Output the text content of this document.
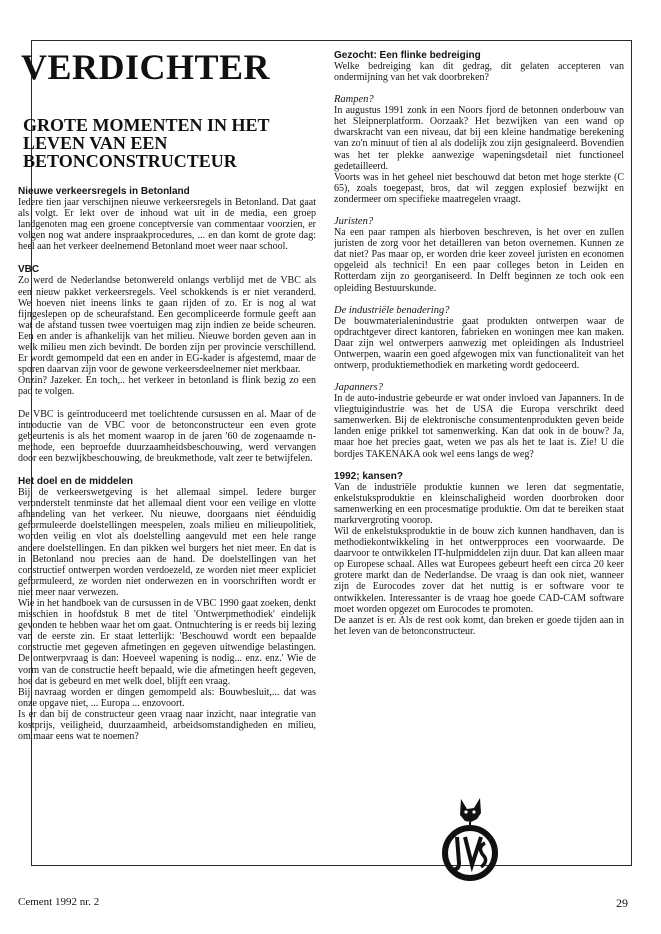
VERDICHTER
GROTE MOMENTEN IN HET LEVEN VAN EEN BETONCONSTRUCTEUR

Nieuwe verkeersregels in Betonland

Iedere tien jaar verschijnen nieuwe verkeersregels in Betonland. Dat gaat als volgt. Er lekt over de inhoud wat uit in de media, een groep landgenoten mag een groene conceptversie van commentaar voorzien, er volgen nog wat andere inspraakprocedures, ... en dan komt de grote dag: heel aan het verkeer deelnemend Betonland moet weer naar school.

VBC

Zo werd de Nederlandse betonwereld onlangs verblijd met de VBC als een nieuw pakket verkeersregels. Veel schokkends is er niet veranderd. We hoeven niet ineens links te gaan rijden of zo. Er is nog al wat fijngeslepen op de scheurafstand. Een gecompliceerde formule geeft aan wat de afstand tussen twee voertuigen mag zijn indien ze beide scheuren. Een en ander is afhankelijk van het milieu. Nieuwe borden geven aan in welk milieu men zich bevindt. De borden zijn per provincie verschillend. Er wordt gemompeld dat een en ander in EG-kader is afgestemd, maar de sporen daarvan zijn voor de gewone verkeersdeelnemer niet merkbaar.
Onzin? Jazeker. En toch,.. het verkeer in betonland is flink bezig zo een pad te volgen.

De VBC is geïntroduceerd met toelichtende cursussen en al. Maar of de introductie van de VBC voor de betonconstructeur een even grote gebeurtenis is als het moment waarop in de jaren '60 de zogenaamde n-methode, een beproefde duurzaamheidsbeschouwing, werd vervangen door een bezwijkbeschouwing, de breukmethode, valt zeer te betwijfelen.

Het doel en de middelen

Bij de verkeerswetgeving is het allemaal simpel. Iedere burger veronderstelt tenminste dat het allemaal dient voor een veilige en vlotte afhandeling van het verkeer. Nu nieuwe, doorgaans niet éénduidig geformuleerde doelstellingen meespelen, zoals milieu en milieupolitiek, worden veilig en vlot als doelstelling aangevuld met een hele range andere doelstellingen. En dan pikken wel burgers het niet meer. En dat is in Betonland nou precies aan de hand. De doelstellingen van het constructief ontwerpen worden verdoezeld, ze worden niet meer expliciet geformuleerd, ze worden niet onderwezen en in voorschriften wordt er niet meer naar verwezen.
Wie in het handboek van de cursussen in de VBC 1990 gaat zoeken, denkt misschien in hoofdstuk 8 met de titel 'Ontwerpmethodiek' eindelijk gevonden te hebben waar het om gaat. Ontnuchtering is er reeds bij lezing van de eerste zin. Er staat letterlijk: 'Beschouwd wordt een bepaalde constructie met gegeven afmetingen en gegeven uitwendige belastingen. De ontwerpvraag is dan: Hoeveel wapening is nodig... enz. enz.' Wie de vorm van de constructie heeft bepaald, wie die afmetingen heeft gegeven, hoe dat is gebeurd en met welk doel, blijft een vraag.
Bij navraag worden er dingen gemompeld als: Bouwbesluit,... dat was onze opgave niet, ... Europa ... enzovoort.
Is er dan bij de constructeur geen vraag naar inzicht, naar integratie van kostprijs, veiligheid, duurzaamheid, arbeidsomstandigheden en milieu, om maar eens wat te noemen?

Gezocht: Een flinke bedreiging

Welke bedreiging kan dit gedrag, dit gelaten accepteren van ondermijning van het vak doorbreken?

Rampen?

In augustus 1991 zonk in een Noors fjord de betonnen onderbouw van het Sleipnerplatform. Oorzaak? Het bezwijken van een wand op dwarskracht van een niveau, dat bij een kleine handmatige berekening van zo'n minuut of tien al als dodelijk zou zijn gesignaleerd. Bovendien was het ter plekke aanwezige wapeningsdetail niet functioneel gedetailleerd.
Voorts was in het geheel niet beschouwd dat beton met hoge sterkte (C 65), zoals toegepast, bros, dat wil zeggen explosief bezwijkt en zondermeer om specifieke maatregelen vraagt.

Juristen?

Na een paar rampen als hierboven beschreven, is het over en zullen juristen de zorg voor het detailleren van beton overnemen. Kunnen ze dat niet? Pas maar op, er worden drie keer zoveel juristen en economen opgeleid als technici! En een paar colleges beton in Leiden en Rotterdam zijn zo georganiseerd. In Delft beginnen ze toch ook een opleiding Bestuurskunde.

De industriële benadering?

De bouwmaterialenindustrie gaat produkten ontwerpen waar de opdrachtgever direct kantoren, fabrieken en woningen mee kan maken. Daar zijn wel ontwerpers aanwezig met opleidingen als Industrieel Ontwerpen, waarin een goed afgewogen mix van functionaliteit van het ontwerp, produktiemethodiek en marketing wordt gedoceerd.

Japanners?

In de auto-industrie gebeurde er wat onder invloed van Japanners. In de vliegtuigindustrie was het de USA die Europa verschrikt deed samenwerken. Bij de elektronische consumentenprodukten geven beide landen enige prikkel tot samenwerking. Kan dat ook in de bouw? Ja, maar hoe het precies gaat, weten we pas als het te laat is. Zie! U die bordjes TAKENAKA ook wel eens langs de weg?

1992; kansen?

Van de industriële produktie kunnen we leren dat segmentatie, enkelstuksproduktie en kleinschaligheid worden doorbroken door samenwerking en een procesmatige produktie. Om dat te bereiken staat markrvergroting voorop.
Wil de enkelstuksproduktie in de bouw zich kunnen handhaven, dan is methodiekontwikkeling in het ontwerpproces een voorwaarde. De daarvoor te ontwikkelen IT-hulpmiddelen zijn duur. Dat kan alleen maar op Europese schaal. Alles wat Europees gebeurt heeft een circa 20 keer grotere markt dan de Nederlandse. De vraag is dan ook niet, wanneer zijn de Eurocodes zover dat het nuttig is er software voor te ontwikkelen. Interessanter is de vraag hoe goede CAD-CAM software moet worden opgezet om Eurocodes te promoten.
De aanzet is er. Als de rest ook komt, dan breken er goede tijden aan in het leven van de betonconstructeur.

Cement 1992 nr. 2	29
